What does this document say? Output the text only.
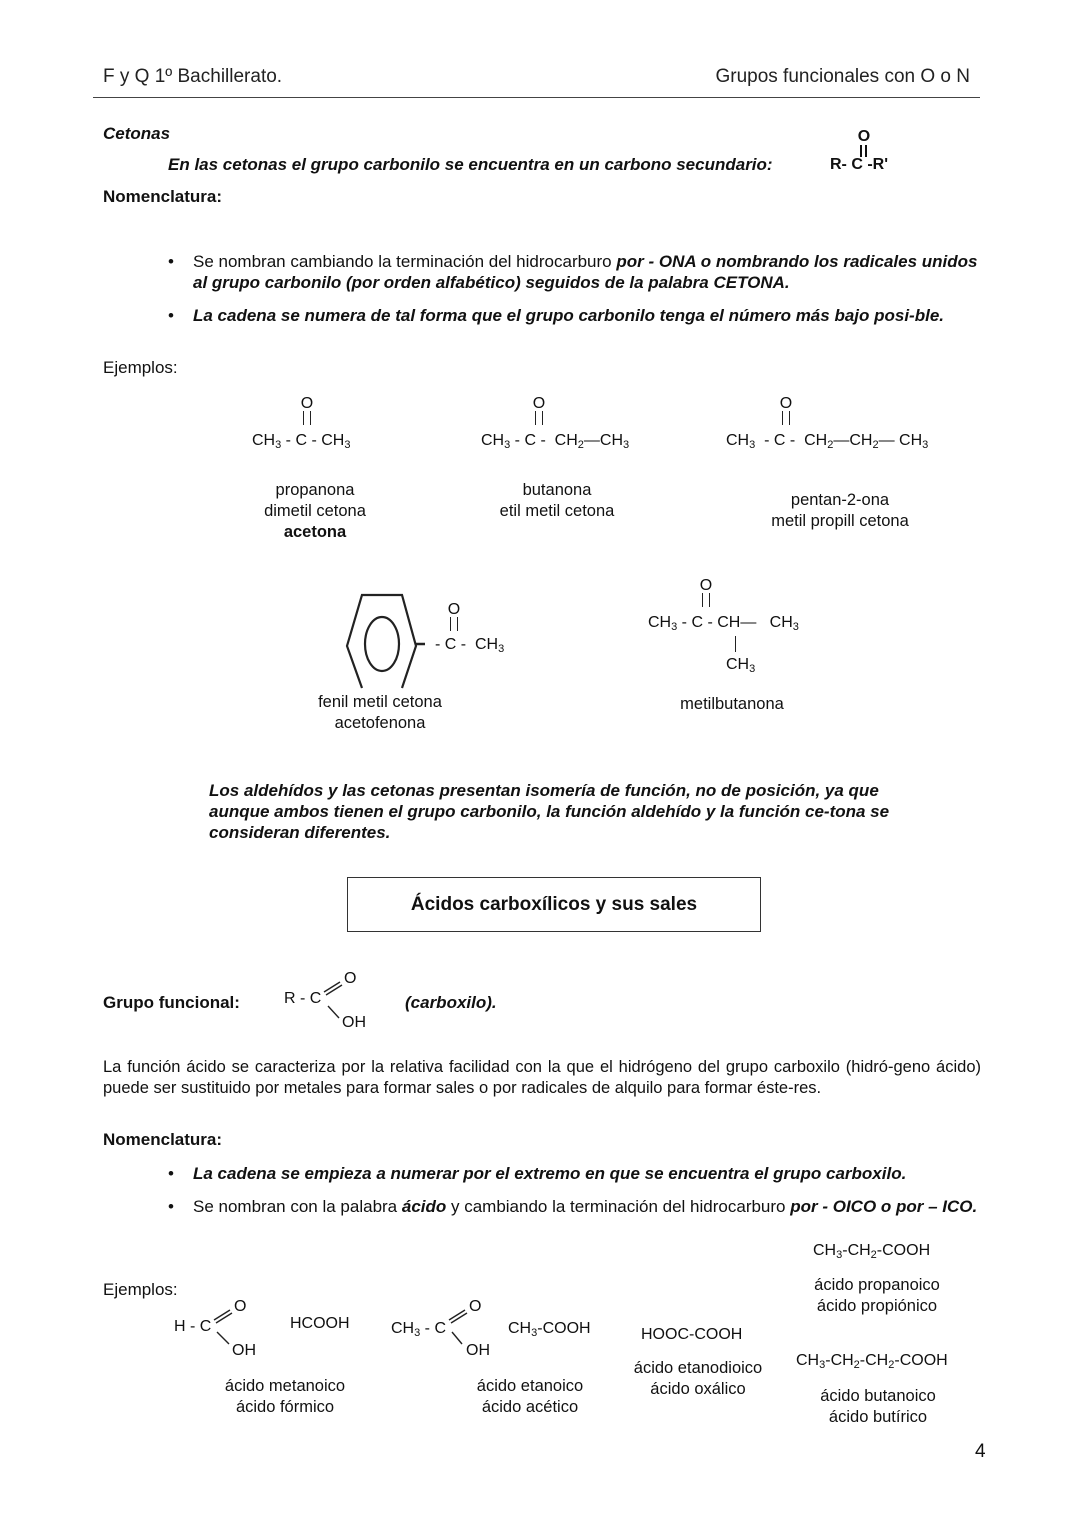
F y Q 1º Bachillerato.	Grupos funcionales con O o N
Cetonas
En las cetonas el grupo carbonilo se encuentra en un carbono secundario:
O
R- C -R'
Nomenclatura:
• Se nombran cambiando la terminación del hidrocarburo por - ONA o nombrando los radicales unidos al grupo carbonilo (por orden alfabético) seguidos de la palabra CETONA.
• La cadena se numera de tal forma que el grupo carbonilo tenga el número más bajo posi-ble.
Ejemplos:
O
$CH_3$ - C - $CH_3$
propanona
dimetil cetona
acetona
O
$CH_3$ - C -  $CH_2—CH_3$
butanona
etil metil cetona
O
$CH_3$  - C -  $CH_2—CH_2—$ $CH_3$
pentan-2-ona
metil propill cetona
O
- C -  $CH_3$
fenil metil cetona
acetofenona
O
$CH_3$ - C - CH—   $CH_3$
$CH_3$
metilbutanona
Los aldehídos y las cetonas presentan isomería de función, no de posición, ya que aunque ambos tienen el grupo carbonilo, la función aldehído y la función ce-tona se consideran diferentes.
Ácidos carboxílicos y sus sales
Grupo funcional:	R - C
O
OH
(carboxilo).
La función ácido se caracteriza por la relativa facilidad con la que el hidrógeno del grupo carboxilo (hidró-geno ácido) puede ser sustituido por metales para formar sales o por radicales de alquilo para formar éste-res.
Nomenclatura:
• La cadena se empieza a numerar por el extremo en que se encuentra el grupo carboxilo.
• Se nombran con la palabra ácido y cambiando la terminación del hidrocarburo por - OICO o por – ICO.
Ejemplos:
H - C
O
OH
HCOOH
ácido metanoico
ácido fórmico
$CH_3$ - C
O
OH
$CH_3$-COOH
ácido etanoico
ácido acético
HOOC-COOH
ácido etanodioico
ácido oxálico
$CH_3-CH_2$-COOH
ácido propanoico
ácido propiónico
$CH_3-CH_2-CH_2$-COOH
ácido butanoico
ácido butírico
4
